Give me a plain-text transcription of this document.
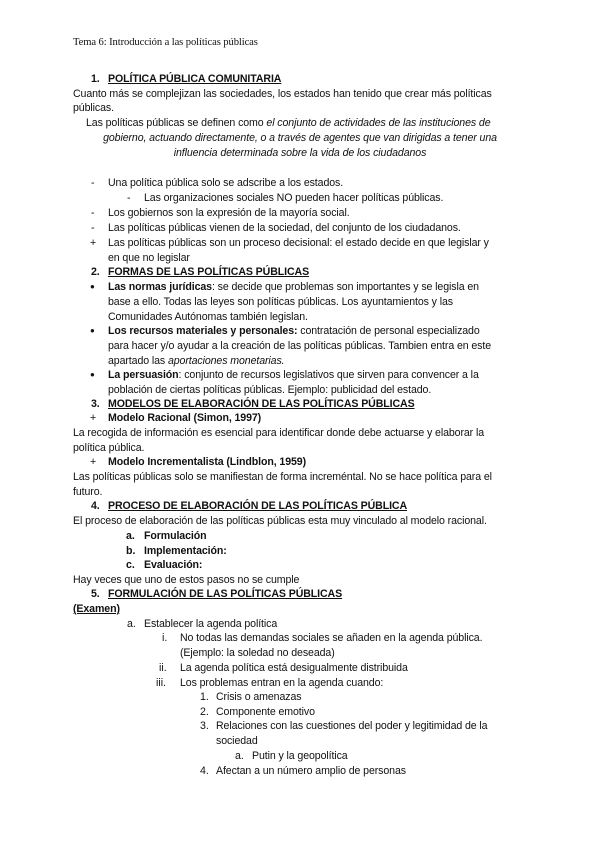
Tema 6: Introducción a las políticas públicas
1. POLÍTICA PÚBLICA COMUNITARIA
Cuanto más se complejizan las sociedades, los estados han tenido que crear más políticas
públicas.
Las políticas públicas se definen como el conjunto de actividades de las instituciones de
gobierno, actuando directamente, o a través de agentes que van dirigidas a tener una
influencia determinada sobre la vida de los ciudadanos
- Una política pública solo se adscribe a los estados.
- Las organizaciones sociales NO pueden hacer políticas públicas.
- Los gobiernos son la expresión de la mayoría social.
- Las políticas públicas vienen de la sociedad, del conjunto de los ciudadanos.
+ Las políticas públicas son un proceso decisional: el estado decide en que legislar y
en que no legislar
2. FORMAS DE LAS POLÍTICAS PÚBLICAS
● Las normas jurídicas: se decide que problemas son importantes y se legisla en
base a ello. Todas las leyes son políticas públicas. Los ayuntamientos y las
Comunidades Autónomas también legislan.
● Los recursos materiales y personales: contratación de personal especializado
para hacer y/o ayudar a la creación de las políticas públicas. Tambien entra en este
apartado las aportaciones monetarias.
● La persuasión: conjunto de recursos legislativos que sirven para convencer a la
población de ciertas políticas públicas. Ejemplo: publicidad del estado.
3. MODELOS DE ELABORACIÓN DE LAS POLÍTICAS PÚBLICAS
+ Modelo Racional (Simon, 1997)
La recogida de información es esencial para identificar donde debe actuarse y elaborar la
política pública.
+ Modelo Incrementalista (Lindblon, 1959)
Las políticas públicas solo se manifiestan de forma increméntal. No se hace política para el
futuro.
4. PROCESO DE ELABORACIÓN DE LAS POLÍTICAS PÚBLICA
El proceso de elaboración de las políticas públicas esta muy vinculado al modelo racional.
a. Formulación
b. Implementación:
c. Evaluación:
Hay veces que uno de estos pasos no se cumple
5. FORMULACIÓN DE LAS POLÍTICAS PÚBLICAS
(Examen)
a. Establecer la agenda política
i. No todas las demandas sociales se añaden en la agenda pública.
(Ejemplo: la soledad no deseada)
ii. La agenda política está desigualmente distribuida
iii. Los problemas entran en la agenda cuando:
1. Crisis o amenazas
2. Componente emotivo
3. Relaciones con las cuestiones del poder y legitimidad de la
sociedad
a. Putin y la geopolítica
4. Afectan a un número amplio de personas
